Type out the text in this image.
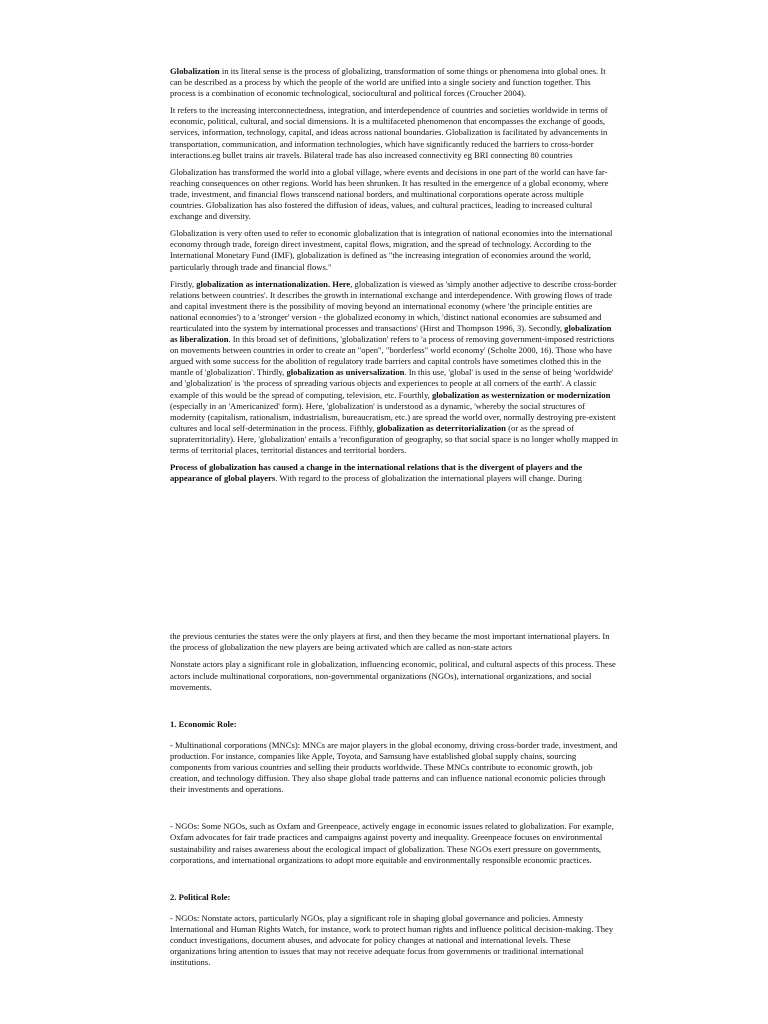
Globalization in its literal sense is the process of globalizing, transformation of some things or phenomena into global ones. It can be described as a process by which the people of the world are unified into a single society and function together. This process is a combination of economic technological, sociocultural and political forces (Croucher 2004).

It refers to the increasing interconnectedness, integration, and interdependence of countries and societies worldwide in terms of economic, political, cultural, and social dimensions. It is a multifaceted phenomenon that encompasses the exchange of goods, services, information, technology, capital, and ideas across national boundaries. Globalization is facilitated by advancements in transportation, communication, and information technologies, which have significantly reduced the barriers to cross-border interactions.eg bullet trains air travels. Bilateral trade has also increased connectivity eg BRI connecting 80 countries

Globalization has transformed the world into a global village, where events and decisions in one part of the world can have far-reaching consequences on other regions. World has been shrunken. It has resulted in the emergence of a global economy, where trade, investment, and financial flows transcend national borders, and multinational corporations operate across multiple countries. Globalization has also fostered the diffusion of ideas, values, and cultural practices, leading to increased cultural exchange and diversity.

Globalization is very often used to refer to economic globalization that is integration of national economies into the international economy through trade, foreign direct investment, capital flows, migration, and the spread of technology. According to the International Monetary Fund (IMF), globalization is defined as "the increasing integration of economies around the world, particularly through trade and financial flows."

Firstly, globalization as internationalization. Here, globalization is viewed as 'simply another adjective to describe cross-border relations between countries'. It describes the growth in international exchange and interdependence. With growing flows of trade and capital investment there is the possibility of moving beyond an international economy (where 'the principle entities are national economies') to a 'stronger' version - the globalized economy in which, 'distinct national economies are subsumed and rearticulated into the system by international processes and transactions' (Hirst and Thompson 1996, 3). Secondly, globalization as liberalization. In this broad set of definitions, 'globalization' refers to 'a process of removing government-imposed restrictions on movements between countries in order to create an "open", "borderless" world economy' (Scholte 2000, 16). Those who have argued with some success for the abolition of regulatory trade barriers and capital controls have sometimes clothed this in the mantle of 'globalization'. Thirdly, globalization as universalization. In this use, 'global' is used in the sense of being 'worldwide' and 'globalization' is 'the process of spreading various objects and experiences to people at all corners of the earth'. A classic example of this would be the spread of computing, television, etc. Fourthly, globalization as westernization or modernization (especially in an 'Americanized' form). Here, 'globalization' is understood as a dynamic, 'whereby the social structures of modernity (capitalism, rationalism, industrialism, bureaucratism, etc.) are spread the world over, normally destroying pre-existent cultures and local self-determination in the process. Fifthly, globalization as deterritorialization (or as the spread of supraterritoriality). Here, 'globalization' entails a 'reconfiguration of geography, so that social space is no longer wholly mapped in terms of territorial places, territorial distances and territorial borders.

Process of globalization has caused a change in the international relations that is the divergent of players and the appearance of global players. With regard to the process of globalization the international players will change. During

the previous centuries the states were the only players at first, and then they became the most important international players. In the process of globalization the new players are being activated which are called as non-state actors

Nonstate actors play a significant role in globalization, influencing economic, political, and cultural aspects of this process. These actors include multinational corporations, non-governmental organizations (NGOs), international organizations, and social movements.

1. Economic Role:

- Multinational corporations (MNCs): MNCs are major players in the global economy, driving cross-border trade, investment, and production. For instance, companies like Apple, Toyota, and Samsung have established global supply chains, sourcing components from various countries and selling their products worldwide. These MNCs contribute to economic growth, job creation, and technology diffusion. They also shape global trade patterns and can influence national economic policies through their investments and operations.

- NGOs: Some NGOs, such as Oxfam and Greenpeace, actively engage in economic issues related to globalization. For example, Oxfam advocates for fair trade practices and campaigns against poverty and inequality. Greenpeace focuses on environmental sustainability and raises awareness about the ecological impact of globalization. These NGOs exert pressure on governments, corporations, and international organizations to adopt more equitable and environmentally responsible economic practices.

2. Political Role:

- NGOs: Nonstate actors, particularly NGOs, play a significant role in shaping global governance and policies. Amnesty International and Human Rights Watch, for instance, work to protect human rights and influence political decision-making. They conduct investigations, document abuses, and advocate for policy changes at national and international levels. These organizations bring attention to issues that may not receive adequate focus from governments or traditional international institutions.
